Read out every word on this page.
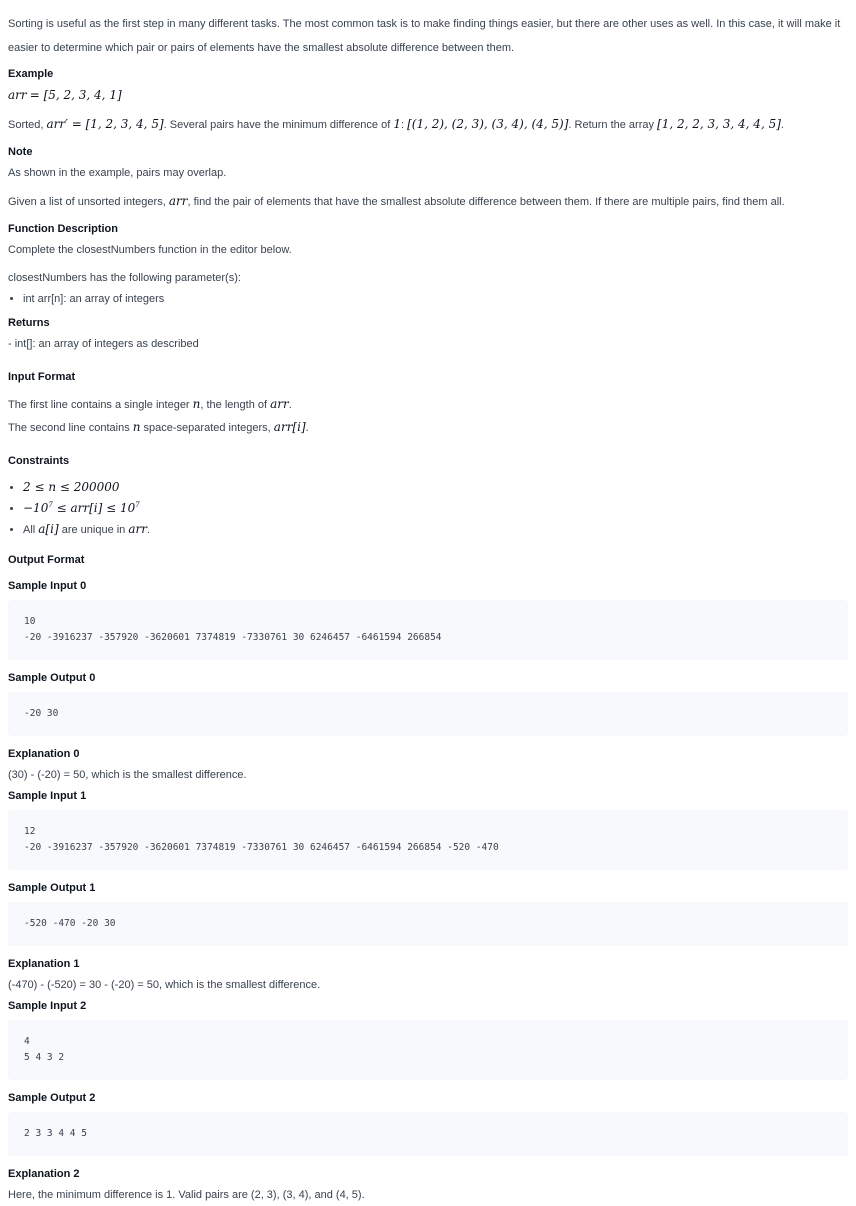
Sorting is useful as the first step in many different tasks. The most common task is to make finding things easier, but there are other uses as well. In this case, it will make it easier to determine which pair or pairs of elements have the smallest absolute difference between them.

Example

arr = [5, 2, 3, 4, 1]

Sorted, arr′ = [1, 2, 3, 4, 5]. Several pairs have the minimum difference of 1: [(1, 2), (2, 3), (3, 4), (4, 5)]. Return the array [1, 2, 2, 3, 3, 4, 4, 5].

Note

As shown in the example, pairs may overlap.

Given a list of unsorted integers, arr, find the pair of elements that have the smallest absolute difference between them. If there are multiple pairs, find them all.

Function Description

Complete the closestNumbers function in the editor below.

closestNumbers has the following parameter(s):

• int arr[n]: an array of integers
Returns

- int[]: an array of integers as described

Input Format

The first line contains a single integer n, the length of arr.

The second line contains n space-separated integers, arr[i].

Constraints
• 2 ≤ n ≤ 200000
• $-10^7 \le arr[i] \le 10^7$
• All a[i] are unique in arr.
Output Format
Sample Input 0
10
-20 -3916237 -357920 -3620601 7374819 -7330761 30 6246457 -6461594 266854
Sample Output 0
-20 30
Explanation 0

(30) - (-20) = 50, which is the smallest difference.

Sample Input 1
12
-20 -3916237 -357920 -3620601 7374819 -7330761 30 6246457 -6461594 266854 -520 -470
Sample Output 1
-520 -470 -20 30
Explanation 1

(-470) - (-520) = 30 - (-20) = 50, which is the smallest difference.

Sample Input 2
4
5 4 3 2
Sample Output 2
2 3 3 4 4 5
Explanation 2

Here, the minimum difference is 1. Valid pairs are (2, 3), (3, 4), and (4, 5).
